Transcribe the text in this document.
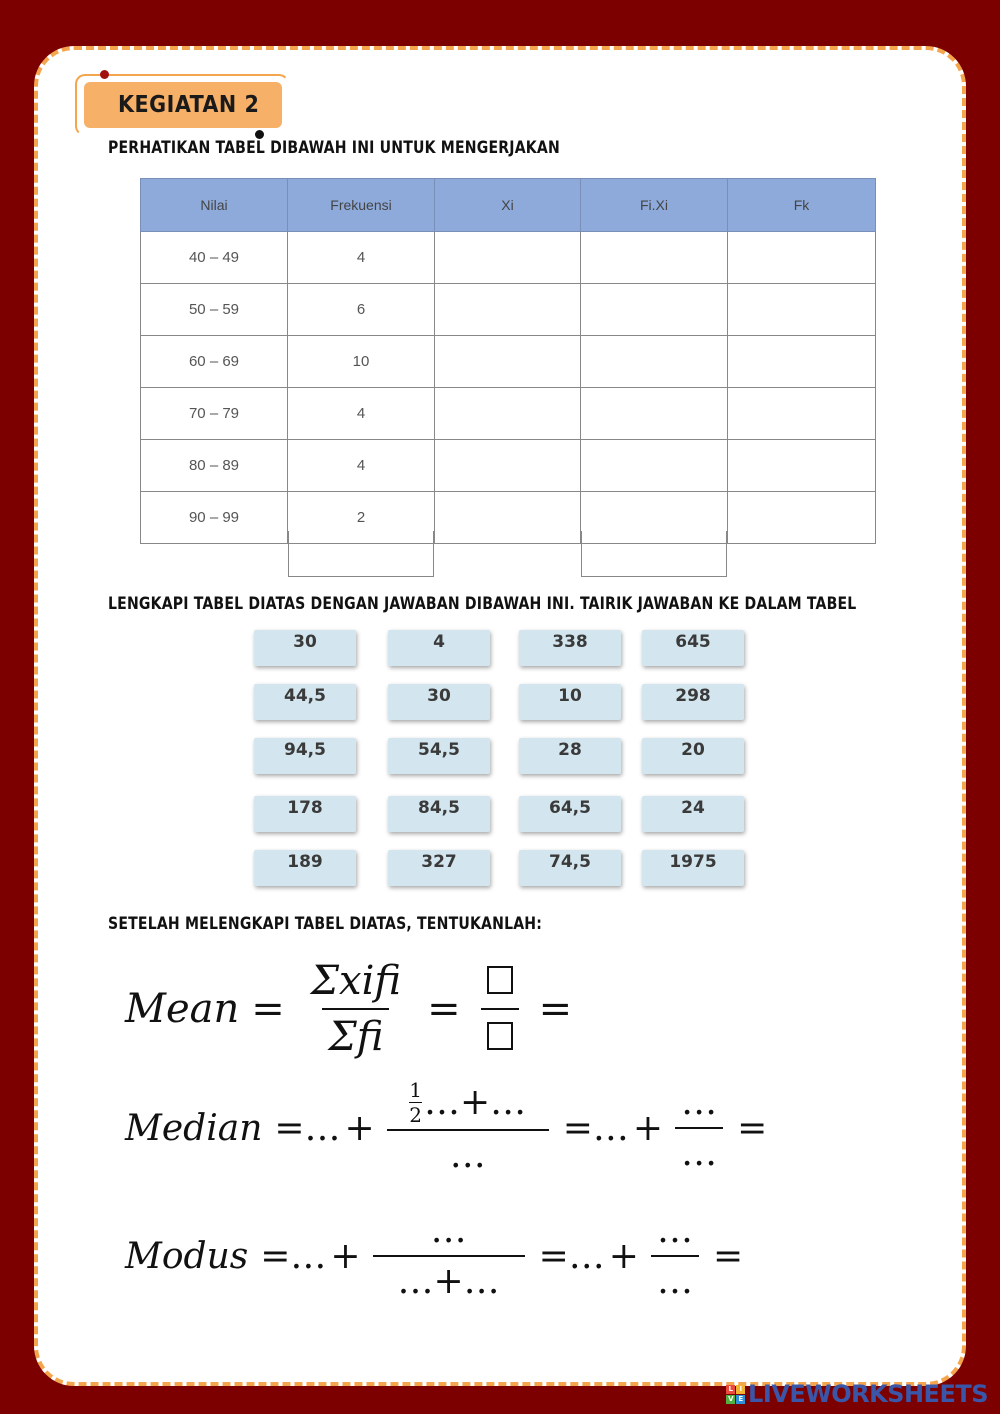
KEGIATAN 2
PERHATIKAN TABEL DIBAWAH INI UNTUK MENGERJAKAN
Nilai	Frekuensi	Xi	Fi.Xi	Fk
40 – 49	4			
50 – 59	6			
60 – 69	10			
70 – 79	4			
80 – 89	4			
90 – 99	2			
LENGKAPI TABEL DIATAS DENGAN JAWABAN DIBAWAH INI. TAIRIK JAWABAN KE DALAM TABEL
30	4	338	645
44,5	30	10	298
94,5	54,5	28	20
178	84,5	64,5	24
189	327	74,5	1975
SETELAH MELENGKAPI TABEL DIATAS, TENTUKANLAH:
Mean = $\frac{\text{Σxifi}}{\text{Σfi}}$ = =
Median = … + $\frac{\frac{1}{2} \dots + \dots}{\dots}$ = … + $\frac{\dots}{\dots}$ =
Modus = … + $\frac{\dots}{\dots + \dots}$ = … + $\frac{\dots}{\dots}$ =
L I
V E LIVEWORKSHEETS
